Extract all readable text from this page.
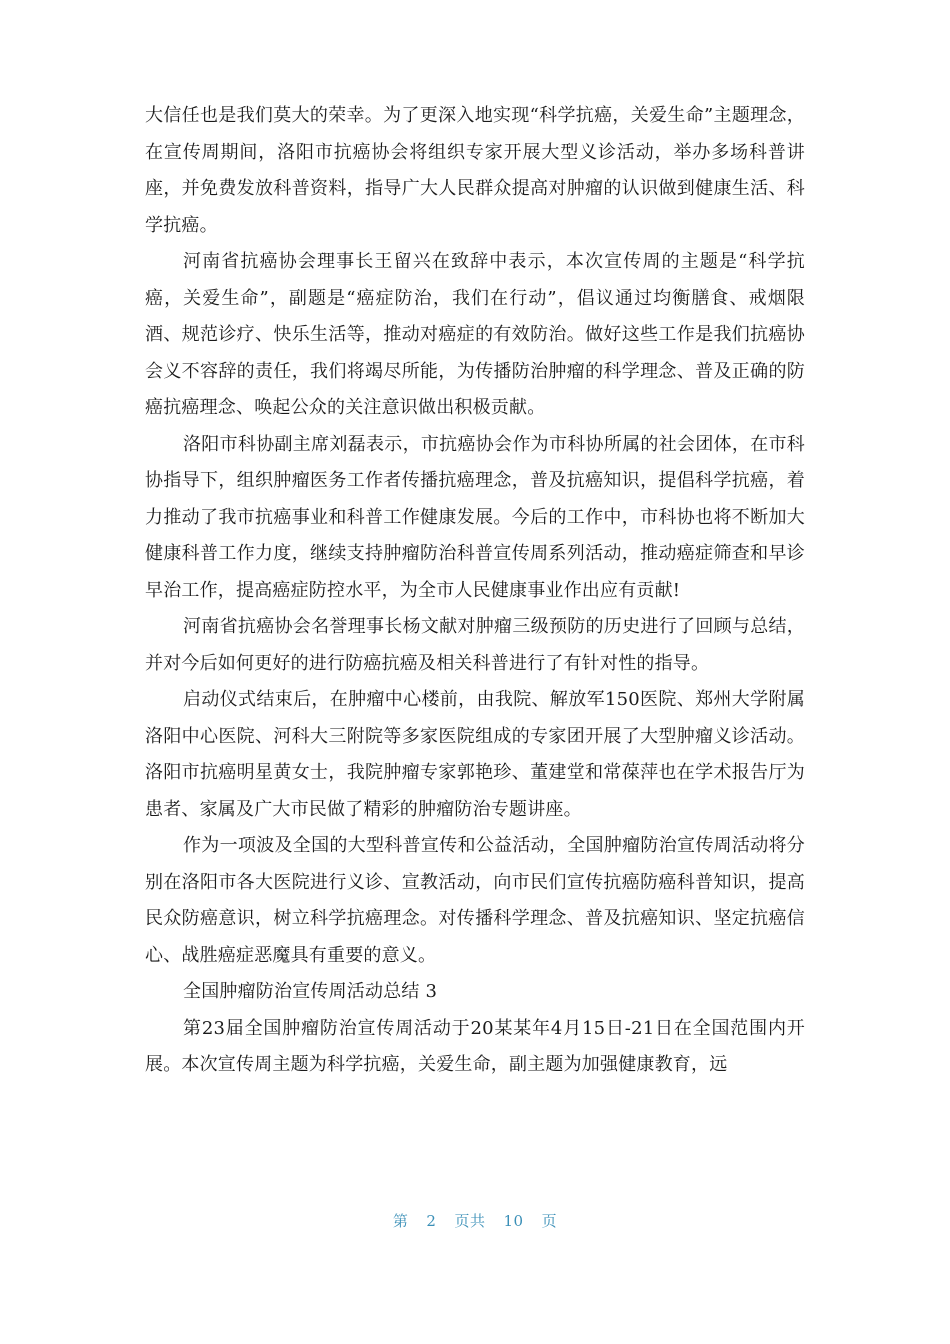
大信任也是我们莫大的荣幸。为了更深入地实现“科学抗癌，关爱生命”主题理念，在宣传周期间，洛阳市抗癌协会将组织专家开展大型义诊活动，举办多场科普讲座，并免费发放科普资料，指导广大人民群众提高对肿瘤的认识做到健康生活、科学抗癌。

河南省抗癌协会理事长王留兴在致辞中表示，本次宣传周的主题是“科学抗癌，关爱生命”，副题是“癌症防治，我们在行动”，倡议通过均衡膳食、戒烟限酒、规范诊疗、快乐生活等，推动对癌症的有效防治。做好这些工作是我们抗癌协会义不容辞的责任，我们将竭尽所能，为传播防治肿瘤的科学理念、普及正确的防癌抗癌理念、唤起公众的关注意识做出积极贡献。

洛阳市科协副主席刘磊表示，市抗癌协会作为市科协所属的社会团体，在市科协指导下，组织肿瘤医务工作者传播抗癌理念，普及抗癌知识，提倡科学抗癌，着力推动了我市抗癌事业和科普工作健康发展。今后的工作中，市科协也将不断加大健康科普工作力度，继续支持肿瘤防治科普宣传周系列活动，推动癌症筛查和早诊早治工作，提高癌症防控水平，为全市人民健康事业作出应有贡献!

河南省抗癌协会名誉理事长杨文献对肿瘤三级预防的历史进行了回顾与总结，并对今后如何更好的进行防癌抗癌及相关科普进行了有针对性的指导。

启动仪式结束后，在肿瘤中心楼前，由我院、解放军150医院、郑州大学附属洛阳中心医院、河科大三附院等多家医院组成的专家团开展了大型肿瘤义诊活动。洛阳市抗癌明星黄女士，我院肿瘤专家郭艳珍、董建堂和常葆萍也在学术报告厅为患者、家属及广大市民做了精彩的肿瘤防治专题讲座。

作为一项波及全国的大型科普宣传和公益活动，全国肿瘤防治宣传周活动将分别在洛阳市各大医院进行义诊、宣教活动，向市民们宣传抗癌防癌科普知识，提高民众防癌意识，树立科学抗癌理念。对传播科学理念、普及抗癌知识、坚定抗癌信心、战胜癌症恶魔具有重要的意义。

全国肿瘤防治宣传周活动总结 3

第23届全国肿瘤防治宣传周活动于20某某年4月15日-21日在全国范围内开展。本次宣传周主题为科学抗癌，关爱生命，副主题为加强健康教育，远

第 2 页共 10 页
